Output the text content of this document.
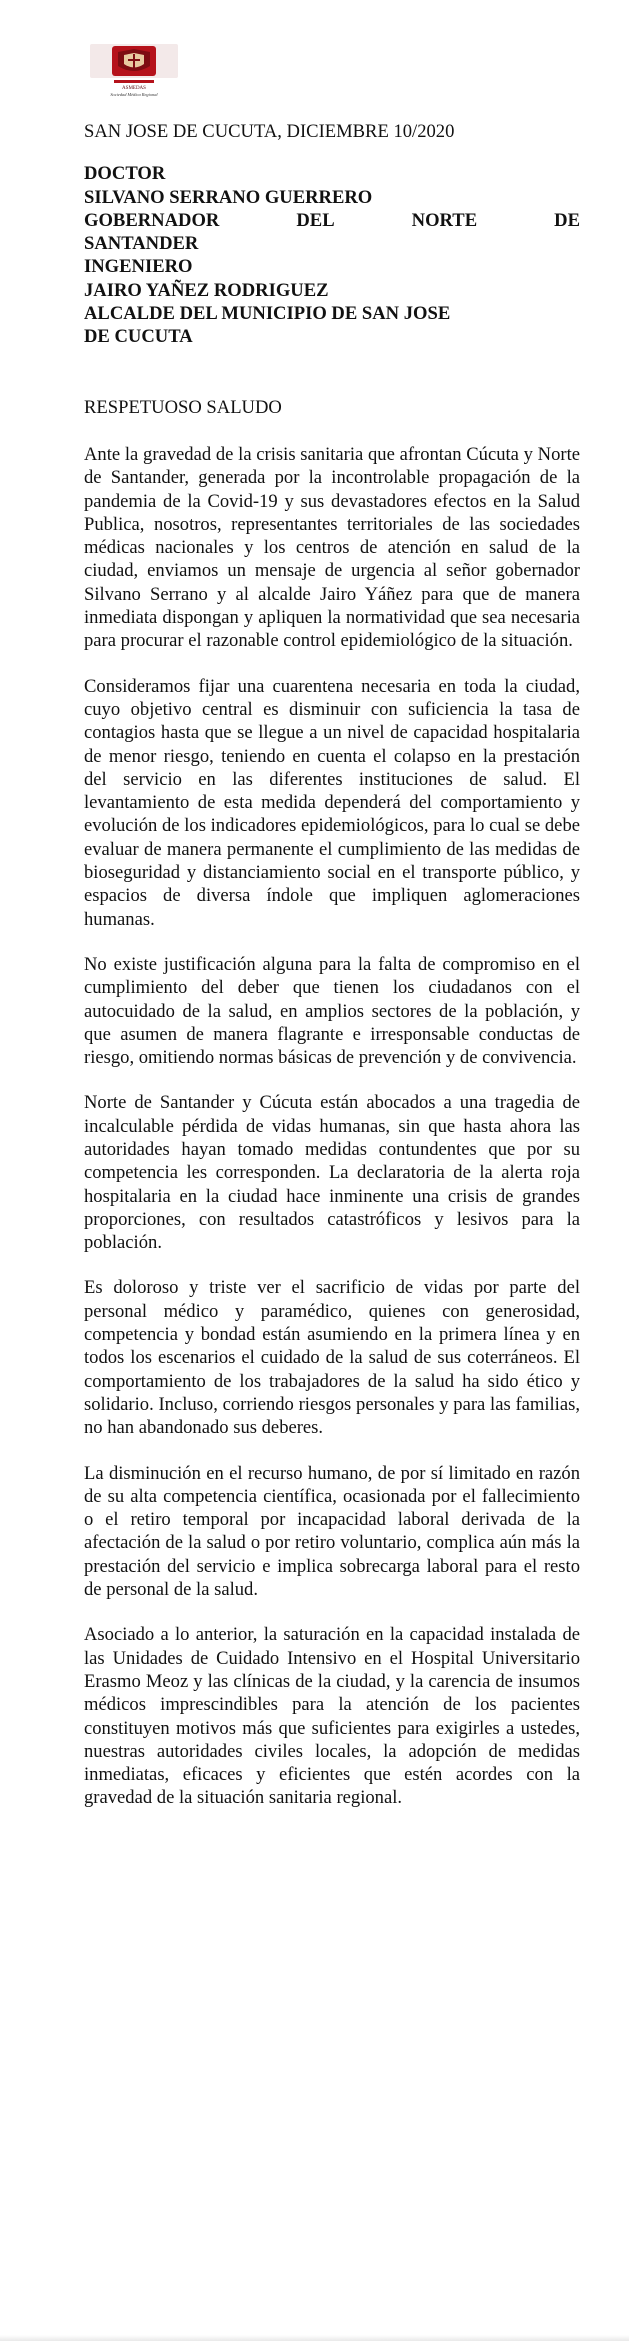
ASMEDAS
Sociedad Médica Regional
SAN JOSE DE CUCUTA, DICIEMBRE 10/2020
DOCTOR
SILVANO SERRANO GUERRERO
GOBERNADOR	DEL	NORTE	DE
SANTANDER
INGENIERO
JAIRO YAÑEZ RODRIGUEZ
ALCALDE DEL MUNICIPIO DE SAN JOSE
DE CUCUTA
RESPETUOSO SALUDO

Ante la gravedad de la crisis sanitaria que afrontan Cúcuta y Norte de Santander, generada por la incontrolable propagación de la pandemia de la Covid-19 y sus devastadores efectos en la Salud Publica, nosotros, representantes territoriales de las sociedades médicas nacionales y los centros de atención en salud de la ciudad, enviamos un mensaje de urgencia al señor gobernador Silvano Serrano y al alcalde Jairo Yáñez para que de manera inmediata dispongan y apliquen la normatividad que sea necesaria para procurar el razonable control epidemiológico de la situación.

Consideramos fijar una cuarentena necesaria en toda la ciudad, cuyo objetivo central es disminuir con suficiencia la tasa de contagios hasta que se llegue a un nivel de capacidad hospitalaria de menor riesgo, teniendo en cuenta el colapso en la prestación del servicio en las diferentes instituciones de salud. El levantamiento de esta medida dependerá del comportamiento y evolución de los indicadores epidemiológicos, para lo cual se debe evaluar de manera permanente el cumplimiento de las medidas de bioseguridad y distanciamiento social en el transporte público, y espacios de diversa índole que impliquen aglomeraciones humanas.

No existe justificación alguna para la falta de compromiso en el cumplimiento del deber que tienen los ciudadanos con el autocuidado de la salud, en amplios sectores de la población, y que asumen de manera flagrante e irresponsable conductas de riesgo, omitiendo normas básicas de prevención y de convivencia.

Norte de Santander y Cúcuta están abocados a una tragedia de incalculable pérdida de vidas humanas, sin que hasta ahora las autoridades hayan tomado medidas contundentes que por su competencia les corresponden. La declaratoria de la alerta roja hospitalaria en la ciudad hace inminente una crisis de grandes proporciones, con resultados catastróficos y lesivos para la población.

Es doloroso y triste ver el sacrificio de vidas por parte del personal médico y paramédico, quienes con generosidad, competencia y bondad están asumiendo en la primera línea y en todos los escenarios el cuidado de la salud de sus coterráneos. El comportamiento de los trabajadores de la salud ha sido ético y solidario. Incluso, corriendo riesgos personales y para las familias, no han abandonado sus deberes.

La disminución en el recurso humano, de por sí limitado en razón de su alta competencia científica, ocasionada por el fallecimiento o el retiro temporal por incapacidad laboral derivada de la afectación de la salud o por retiro voluntario, complica aún más la prestación del servicio e implica sobrecarga laboral para el resto de personal de la salud.

Asociado a lo anterior, la saturación en la capacidad instalada de las Unidades de Cuidado Intensivo en el Hospital Universitario Erasmo Meoz y las clínicas de la ciudad, y la carencia de insumos médicos imprescindibles para la atención de los pacientes constituyen motivos más que suficientes para exigirles a ustedes, nuestras autoridades civiles locales, la adopción de medidas inmediatas, eficaces y eficientes que estén acordes con la gravedad de la situación sanitaria regional.
